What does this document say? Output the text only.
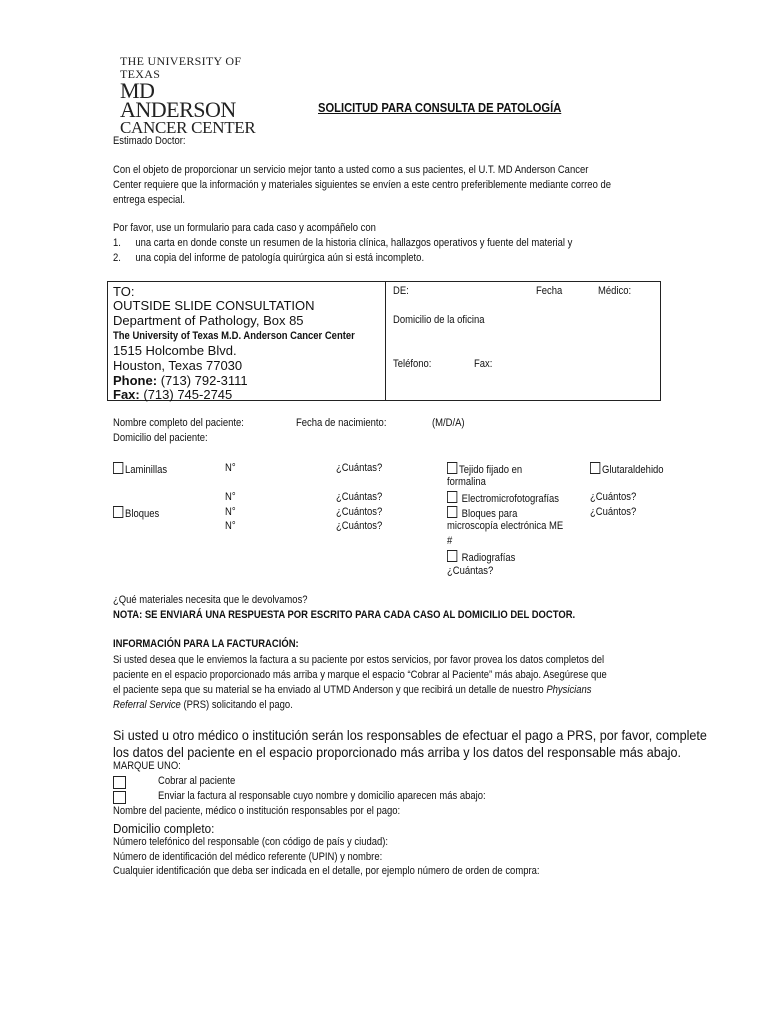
THE UNIVERSITY OF TEXAS
MD ANDERSON
CANCER CENTER
SOLICITUD PARA CONSULTA DE PATOLOGÍA
Estimado Doctor:
Con el objeto de proporcionar un servicio mejor tanto a usted como a sus pacientes, el U.T. MD Anderson Cancer
Center requiere que la información y materiales siguientes se envíen a este centro preferiblemente mediante correo de
entrega especial.
Por favor, use un formulario para cada caso y acompáñelo con
1. una carta en donde conste un resumen de la historia clínica, hallazgos operativos y fuente del material y
2. una copia del informe de patología quirúrgica aún si está incompleto.
TO:
OUTSIDE SLIDE CONSULTATION
Department of Pathology, Box 85
The University of Texas M.D. Anderson Cancer Center
1515 Holcombe Blvd.
Houston, Texas 77030
Phone: (713) 792-3111
Fax: (713) 745-2745
DE:	Fecha	Médico:
Domicilio de la oficina
Teléfono:	Fax:
Nombre completo del paciente:	Fecha de nacimiento:	(M/D/A)
Domicilio del paciente:
Laminillas	N°	¿Cuántas?	Tejido fijado en	Glutaraldehido
formalina
N°	¿Cuántas?	Electromicrofotografías	¿Cuántos?
Bloques	N°	¿Cuántos?	Bloques para	¿Cuántos?
N°	¿Cuántos?	microscopía electrónica ME
#
Radiografías
¿Cuántas?
¿Qué materiales necesita que le devolvamos?
NOTA: SE ENVIARÁ UNA RESPUESTA POR ESCRITO PARA CADA CASO AL DOMICILIO DEL DOCTOR.
INFORMACIÓN PARA LA FACTURACIÓN:
Si usted desea que le enviemos la factura a su paciente por estos servicios, por favor provea los datos completos del
paciente en el espacio proporcionado más arriba y marque el espacio “Cobrar al Paciente” más abajo. Asegúrese que
el paciente sepa que su material se ha enviado al UTMD Anderson y que recibirá un detalle de nuestro Physicians
Referral Service (PRS) solicitando el pago.
Si usted u otro médico o institución serán los responsables de efectuar el pago a PRS, por favor, complete
los datos del paciente en el espacio proporcionado más arriba y los datos del responsable más abajo.
MARQUE UNO:
Cobrar al paciente
Enviar la factura al responsable cuyo nombre y domicilio aparecen más abajo:
Nombre del paciente, médico o institución responsables por el pago:
Domicilio completo:
Número telefónico del responsable (con código de país y ciudad):
Número de identificación del médico referente (UPIN) y nombre:
Cualquier identificación que deba ser indicada en el detalle, por ejemplo número de orden de compra:
